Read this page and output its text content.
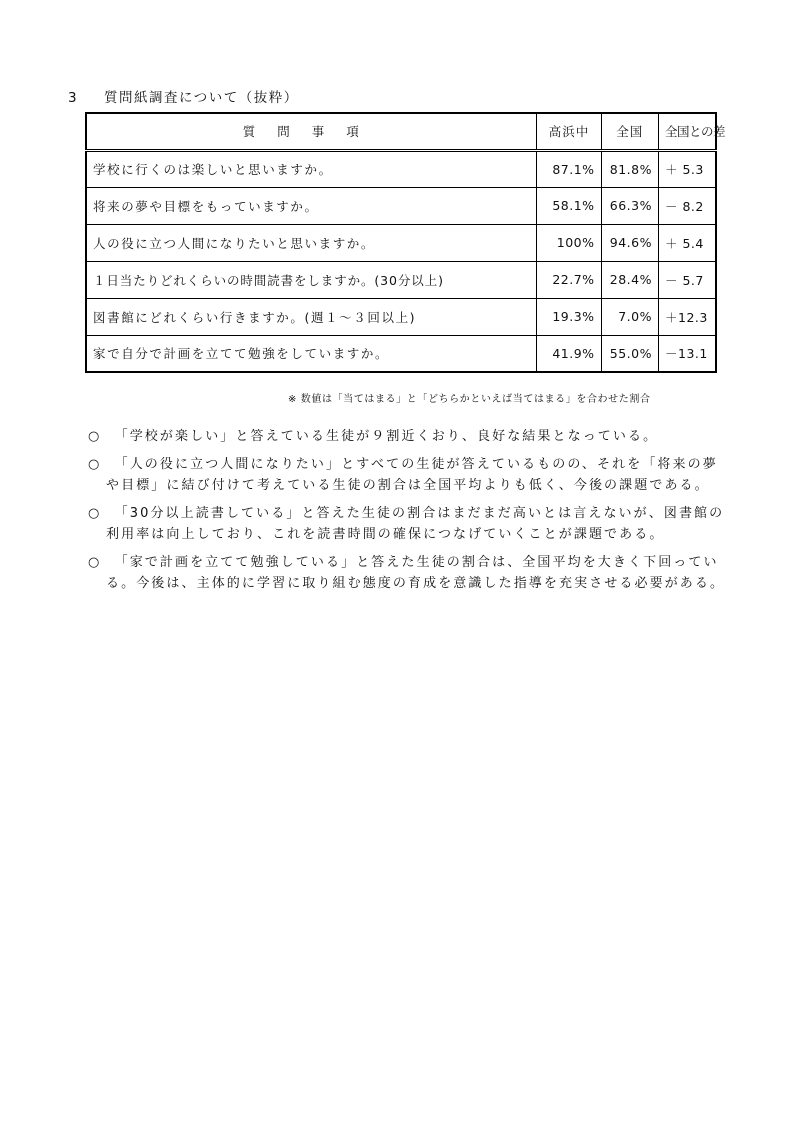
3 質問紙調査について（抜粋）
質問事項	高浜中	全国	全国との差
学校に行くのは楽しいと思いますか。	87.1%	81.8%	＋ 5.3
将来の夢や目標をもっていますか。	58.1%	66.3%	－ 8.2
人の役に立つ人間になりたいと思いますか。	100%	94.6%	＋ 5.4
１日当たりどれくらいの時間読書をしますか。(30分以上)	22.7%	28.4%	－ 5.7
図書館にどれくらい行きますか。(週１～３回以上)	19.3%	7.0%	＋12.3
家で自分で計画を立てて勉強をしていますか。	41.9%	55.0%	－13.1
※ 数値は「当てはまる」と「どちらかといえば当てはまる」を合わせた割合
○ 　「学校が楽しい」と答えている生徒が９割近くおり、良好な結果となっている。
○ 　「人の役に立つ人間になりたい」とすべての生徒が答えているものの、それを「将来の夢や目標」に結び付けて考えている生徒の割合は全国平均よりも低く、今後の課題である。
○ 　「30分以上読書している」と答えた生徒の割合はまだまだ高いとは言えないが、図書館の利用率は向上しており、これを読書時間の確保につなげていくことが課題である。
○ 　「家で計画を立てて勉強している」と答えた生徒の割合は、全国平均を大きく下回っている。今後は、主体的に学習に取り組む態度の育成を意識した指導を充実させる必要がある。
